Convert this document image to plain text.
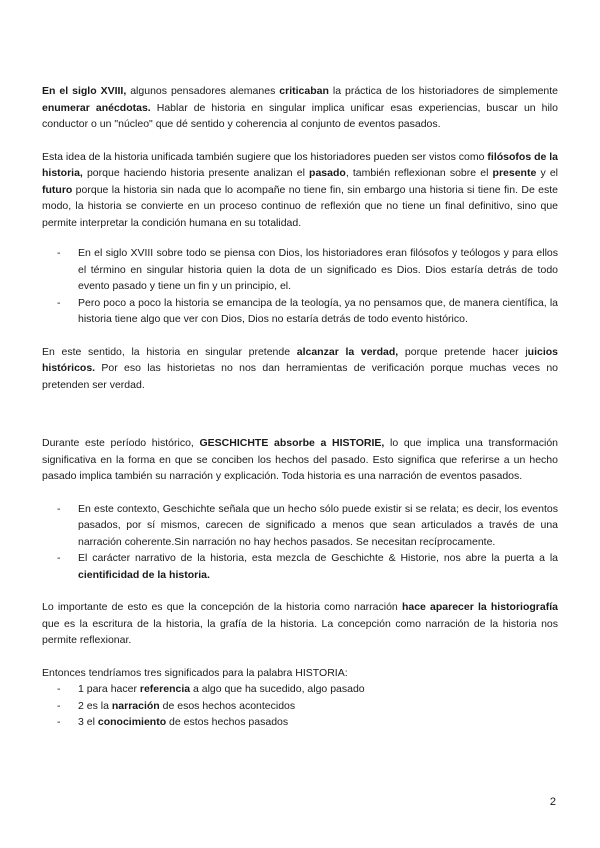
En el siglo XVIII, algunos pensadores alemanes criticaban la práctica de los historiadores de simplemente enumerar anécdotas. Hablar de historia en singular implica unificar esas experiencias, buscar un hilo conductor o un "núcleo" que dé sentido y coherencia al conjunto de eventos pasados.

Esta idea de la historia unificada también sugiere que los historiadores pueden ser vistos como filósofos de la historia, porque haciendo historia presente analizan el pasado, también reflexionan sobre el presente y el futuro porque la historia sin nada que lo acompañe no tiene fin, sin embargo una historia si tiene fin. De este modo, la historia se convierte en un proceso continuo de reflexión que no tiene un final definitivo, sino que permite interpretar la condición humana en su totalidad.

- En el siglo XVIII sobre todo se piensa con Dios, los historiadores eran filósofos y teólogos y para ellos el término en singular historia quien la dota de un significado es Dios. Dios estaría detrás de todo evento pasado y tiene un fin y un principio, el.
- Pero poco a poco la historia se emancipa de la teología, ya no pensamos que, de manera científica, la historia tiene algo que ver con Dios, Dios no estaría detrás de todo evento histórico.

En este sentido, la historia en singular pretende alcanzar la verdad, porque pretende hacer juicios históricos. Por eso las historietas no nos dan herramientas de verificación porque muchas veces no pretenden ser verdad.

Durante este período histórico, GESCHICHTE absorbe a HISTORIE, lo que implica una transformación significativa en la forma en que se conciben los hechos del pasado. Esto significa que referirse a un hecho pasado implica también su narración y explicación. Toda historia es una narración de eventos pasados.

- En este contexto, Geschichte señala que un hecho sólo puede existir si se relata; es decir, los eventos pasados, por sí mismos, carecen de significado a menos que sean articulados a través de una narración coherente.Sin narración no hay hechos pasados. Se necesitan recíprocamente.
- El carácter narrativo de la historia, esta mezcla de Geschichte & Historie, nos abre la puerta a la cientificidad de la historia.

Lo importante de esto es que la concepción de la historia como narración hace aparecer la historiografía que es la escritura de la historia, la grafía de la historia. La concepción como narración de la historia nos permite reflexionar.

Entonces tendríamos tres significados para la palabra HISTORIA:

- 1 para hacer referencia a algo que ha sucedido, algo pasado
- 2 es la narración de esos hechos acontecidos
- 3 el conocimiento de estos hechos pasados
2
